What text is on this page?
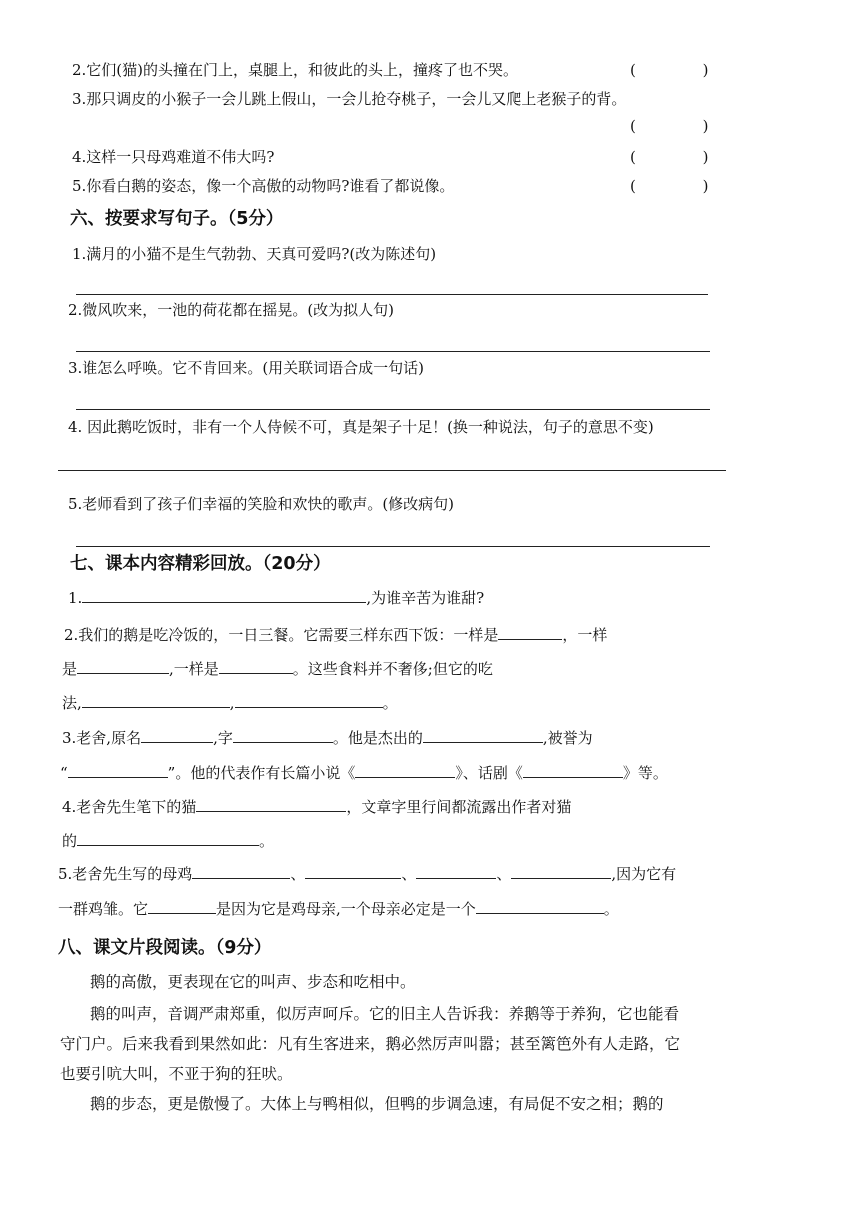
2.它们(猫)的头撞在门上，桌腿上，和彼此的头上，撞疼了也不哭。	(              )
3.那只调皮的小猴子一会儿跳上假山，一会儿抢夺桃子，一会儿又爬上老猴子的背。
(              )
4.这样一只母鸡难道不伟大吗?	(              )
5.你看白鹅的姿态，像一个高傲的动物吗?谁看了都说像。	(              )
六、按要求写句子。（5分）
1.满月的小猫不是生气勃勃、天真可爱吗?(改为陈述句)
2.微风吹来，一池的荷花都在摇晃。(改为拟人句)
3.谁怎么呼唤。它不肯回来。(用关联词语合成一句话)
4. 因此鹅吃饭时，非有一个人侍候不可，真是架子十足！(换一种说法，句子的意思不变)
5.老师看到了孩子们幸福的笑脸和欢快的歌声。(修改病句)
七、课本内容精彩回放。（20分）
1.	,为谁辛苦为谁甜?
2.我们的鹅是吃冷饭的，一日三餐。它需要三样东西下饭：一样是	，一样
是	,一样是	。这些食料并不奢侈;但它的吃
法,	,	。
3.老舍,原名	,字	。他是杰出的	,被誉为
“	”。他的代表作有长篇小说《	》、话剧《	》等。
4.老舍先生笔下的猫	，文章字里行间都流露出作者对猫
的	。
5.老舍先生写的母鸡	、	、	、	,因为它有
一群鸡雏。它	是因为它是鸡母亲,一个母亲必定是一个	。
八、课文片段阅读。（9分）
鹅的高傲，更表现在它的叫声、步态和吃相中。
鹅的叫声，音调严肃郑重，似厉声呵斥。它的旧主人告诉我：养鹅等于养狗，它也能看
守门户。后来我看到果然如此：凡有生客进来，鹅必然厉声叫嚣；甚至篱笆外有人走路，它
也要引吭大叫，不亚于狗的狂吠。
鹅的步态，更是傲慢了。大体上与鸭相似，但鸭的步调急速，有局促不安之相；鹅的
